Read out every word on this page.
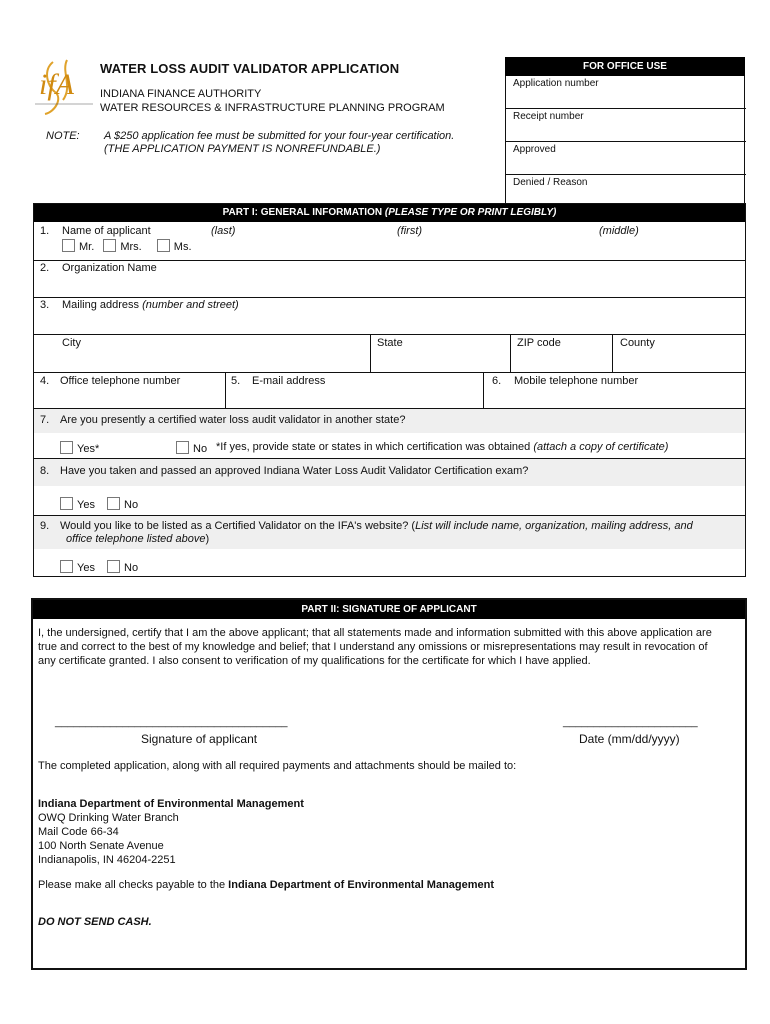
ifA WATER LOSS AUDIT VALIDATOR APPLICATION
INDIANA FINANCE AUTHORITY
WATER RESOURCES & INFRASTRUCTURE PLANNING PROGRAM
NOTE: A $250 application fee must be submitted for your four-year certification.
(THE APPLICATION PAYMENT IS NONREFUNDABLE.)
Application number
Receipt number
Approved
Denied / Reason
FOR OFFICE USE
PART I: GENERAL INFORMATION (PLEASE TYPE OR PRINT LEGIBLY)
1. Name of applicant	(last)	(first)	(middle)
Mr. Mrs.	Ms.
2. Organization Name
3. Mailing address (number and street)
City	State	ZIP code	County
4. Office telephone number	5. E-mail address	6. Mobile telephone number
7. Are you presently a certified water loss audit validator in another state?
Yes*	No *If yes, provide state or states in which certification was obtained (attach a copy of certificate)
8. Have you taken and passed an approved Indiana Water Loss Audit Validator Certification exam?
Yes	No
9. Would you like to be listed as a Certified Validator on the IFA's website? (List will include name, organization, mailing address, and
office telephone listed above)
Yes	No
PART II: SIGNATURE OF APPLICANT
I, the undersigned, certify that I am the above applicant; that all statements made and information submitted with this above application are
true and correct to the best of my knowledge and belief; that I understand any omissions or misrepresentations may result in revocation of
any certificate granted. I also consent to verification of my qualifications for the certificate for which I have applied.
______________________________________
Signature of applicant
______________________
Date (mm/dd/yyyy)
The completed application, along with all required payments and attachments should be mailed to:
Indiana Department of Environmental Management
OWQ Drinking Water Branch
Mail Code 66-34
100 North Senate Avenue
Indianapolis, IN 46204-2251
Please make all checks payable to the Indiana Department of Environmental Management
DO NOT SEND CASH.
